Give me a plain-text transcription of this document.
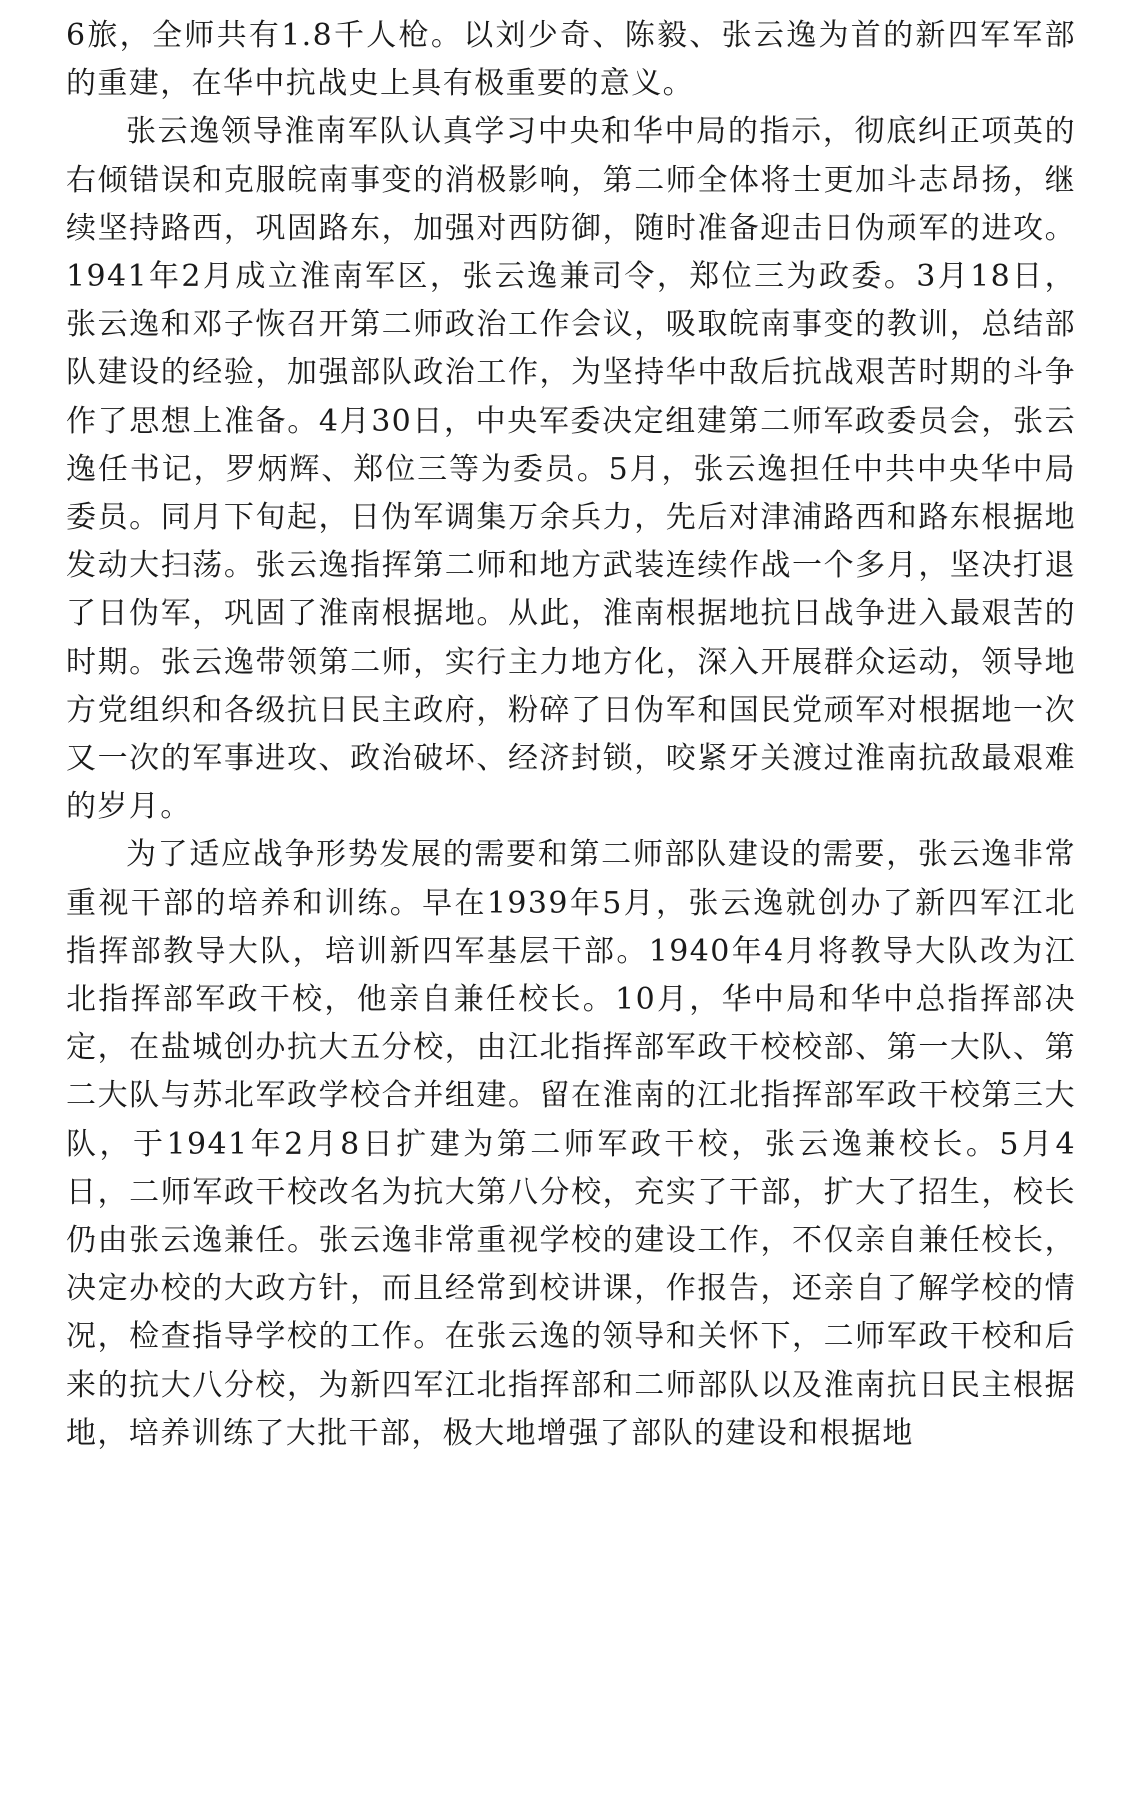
6旅，全师共有1.8千人枪。以刘少奇、陈毅、张云逸为首的新四军军部的重建，在华中抗战史上具有极重要的意义。

张云逸领导淮南军队认真学习中央和华中局的指示，彻底纠正项英的右倾错误和克服皖南事变的消极影响，第二师全体将士更加斗志昂扬，继续坚持路西，巩固路东，加强对西防御，随时准备迎击日伪顽军的进攻。1941年2月成立淮南军区，张云逸兼司令，郑位三为政委。3月18日，张云逸和邓子恢召开第二师政治工作会议，吸取皖南事变的教训，总结部队建设的经验，加强部队政治工作，为坚持华中敌后抗战艰苦时期的斗争作了思想上准备。4月30日，中央军委决定组建第二师军政委员会，张云逸任书记，罗炳辉、郑位三等为委员。5月，张云逸担任中共中央华中局委员。同月下旬起，日伪军调集万余兵力，先后对津浦路西和路东根据地发动大扫荡。张云逸指挥第二师和地方武装连续作战一个多月，坚决打退了日伪军，巩固了淮南根据地。从此，淮南根据地抗日战争进入最艰苦的时期。张云逸带领第二师，实行主力地方化，深入开展群众运动，领导地方党组织和各级抗日民主政府，粉碎了日伪军和国民党顽军对根据地一次又一次的军事进攻、政治破坏、经济封锁，咬紧牙关渡过淮南抗敌最艰难的岁月。

为了适应战争形势发展的需要和第二师部队建设的需要，张云逸非常重视干部的培养和训练。早在1939年5月，张云逸就创办了新四军江北指挥部教导大队，培训新四军基层干部。1940年4月将教导大队改为江北指挥部军政干校，他亲自兼任校长。10月，华中局和华中总指挥部决定，在盐城创办抗大五分校，由江北指挥部军政干校校部、第一大队、第二大队与苏北军政学校合并组建。留在淮南的江北指挥部军政干校第三大队，于1941年2月8日扩建为第二师军政干校，张云逸兼校长。5月4日，二师军政干校改名为抗大第八分校，充实了干部，扩大了招生，校长仍由张云逸兼任。张云逸非常重视学校的建设工作，不仅亲自兼任校长，决定办校的大政方针，而且经常到校讲课，作报告，还亲自了解学校的情况，检查指导学校的工作。在张云逸的领导和关怀下，二师军政干校和后来的抗大八分校，为新四军江北指挥部和二师部队以及淮南抗日民主根据地，培养训练了大批干部，极大地增强了部队的建设和根据地
